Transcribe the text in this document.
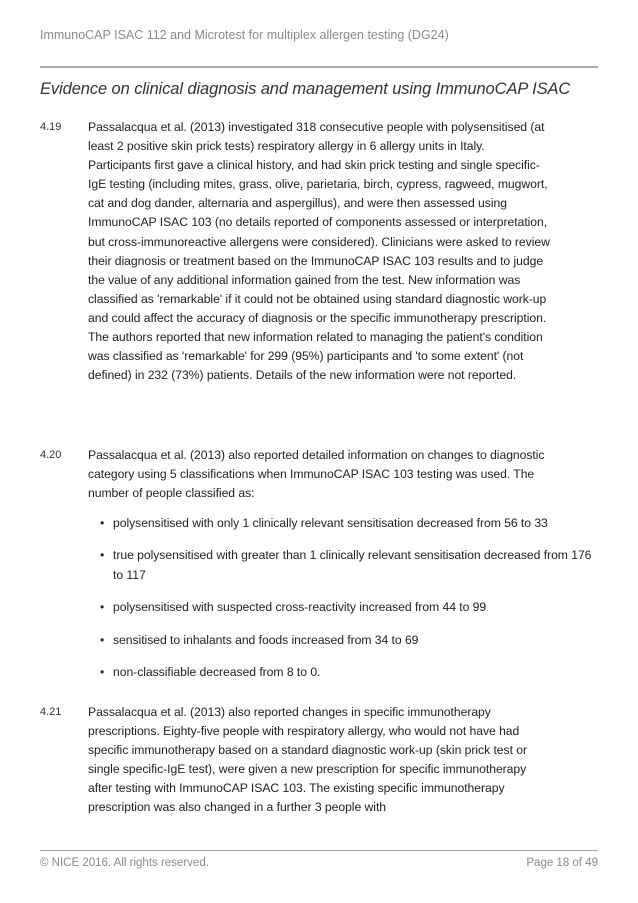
ImmunoCAP ISAC 112 and Microtest for multiplex allergen testing (DG24)
Evidence on clinical diagnosis and management using ImmunoCAP ISAC
4.19 Passalacqua et al. (2013) investigated 318 consecutive people with polysensitised (at least 2 positive skin prick tests) respiratory allergy in 6 allergy units in Italy. Participants first gave a clinical history, and had skin prick testing and single specific-IgE testing (including mites, grass, olive, parietaria, birch, cypress, ragweed, mugwort, cat and dog dander, alternaria and aspergillus), and were then assessed using ImmunoCAP ISAC 103 (no details reported of components assessed or interpretation, but cross-immunoreactive allergens were considered). Clinicians were asked to review their diagnosis or treatment based on the ImmunoCAP ISAC 103 results and to judge the value of any additional information gained from the test. New information was classified as 'remarkable' if it could not be obtained using standard diagnostic work-up and could affect the accuracy of diagnosis or the specific immunotherapy prescription. The authors reported that new information related to managing the patient's condition was classified as 'remarkable' for 299 (95%) participants and 'to some extent' (not defined) in 232 (73%) patients. Details of the new information were not reported.
4.20 Passalacqua et al. (2013) also reported detailed information on changes to diagnostic category using 5 classifications when ImmunoCAP ISAC 103 testing was used. The number of people classified as:
• polysensitised with only 1 clinically relevant sensitisation decreased from 56 to 33
• true polysensitised with greater than 1 clinically relevant sensitisation decreased from 176 to 117
• polysensitised with suspected cross-reactivity increased from 44 to 99
• sensitised to inhalants and foods increased from 34 to 69
• non-classifiable decreased from 8 to 0.
4.21 Passalacqua et al. (2013) also reported changes in specific immunotherapy prescriptions. Eighty-five people with respiratory allergy, who would not have had specific immunotherapy based on a standard diagnostic work-up (skin prick test or single specific-IgE test), were given a new prescription for specific immunotherapy after testing with ImmunoCAP ISAC 103. The existing specific immunotherapy prescription was also changed in a further 3 people with
© NICE 2016. All rights reserved.	Page 18 of 49
